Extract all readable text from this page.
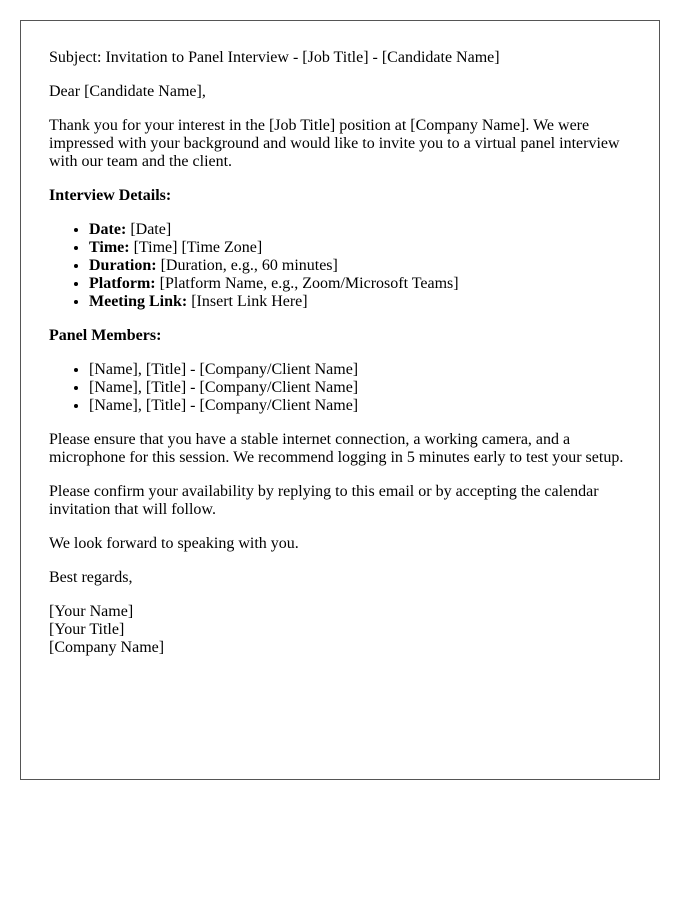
Subject: Invitation to Panel Interview - [Job Title] - [Candidate Name]

Dear [Candidate Name],

Thank you for your interest in the [Job Title] position at [Company Name]. We were impressed with your background and would like to invite you to a virtual panel interview with our team and the client.

Interview Details:

• Date: [Date]
• Time: [Time] [Time Zone]
• Duration: [Duration, e.g., 60 minutes]
• Platform: [Platform Name, e.g., Zoom/Microsoft Teams]
• Meeting Link: [Insert Link Here]

Panel Members:

• [Name], [Title] - [Company/Client Name]
• [Name], [Title] - [Company/Client Name]
• [Name], [Title] - [Company/Client Name]

Please ensure that you have a stable internet connection, a working camera, and a microphone for this session. We recommend logging in 5 minutes early to test your setup.

Please confirm your availability by replying to this email or by accepting the calendar invitation that will follow.

We look forward to speaking with you.

Best regards,

[Your Name]
[Your Title]
[Company Name]
